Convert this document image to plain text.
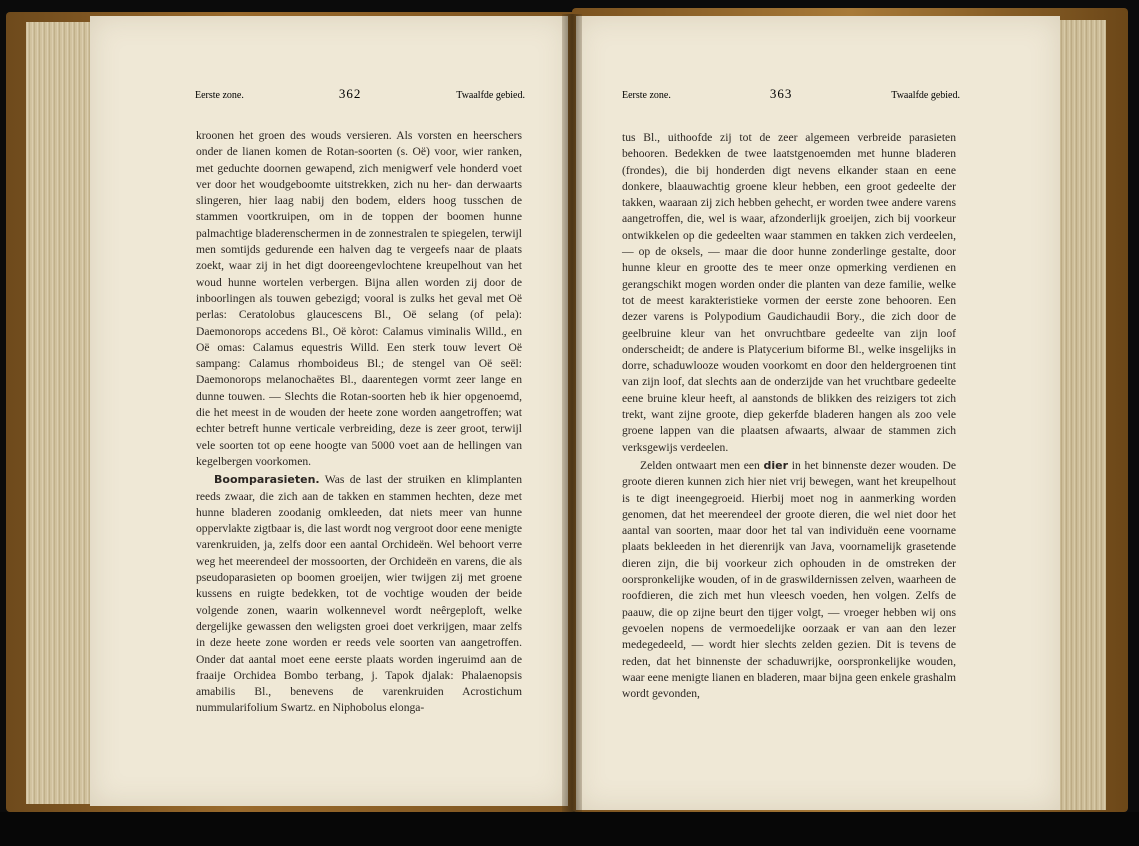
Eerste zone.	362	Twaalfde gebied.

kroonen het groen des wouds versieren. Als vorsten en heerschers onder de lianen komen de Rotan-soorten (s. Oë) voor, wier ranken, met geduchte doornen gewapend, zich menigwerf vele honderd voet ver door het woudgeboomte uitstrekken, zich nu her- dan derwaarts slingeren, hier laag nabij den bodem, elders hoog tusschen de stammen voortkruipen, om in de toppen der boomen hunne palmachtige bladerenschermen in de zonnestralen te spiegelen, terwijl men somtijds gedurende een halven dag te vergeefs naar de plaats zoekt, waar zij in het digt dooreengevlochtene kreupelhout van het woud hunne wortelen verbergen. Bijna allen worden zij door de inboorlingen als touwen gebezigd; vooral is zulks het geval met Oë perlas: Ceratolobus glaucescens Bl., Oë selang (of pela): Daemonorops accedens Bl., Oë kòrot: Calamus viminalis Willd., en Oë omas: Calamus equestris Willd. Een sterk touw levert Oë sampang: Calamus rhomboideus Bl.; de stengel van Oë seël: Daemonorops melanochaëtes Bl., daarentegen vormt zeer lange en dunne touwen. — Slechts die Rotan-soorten heb ik hier opgenoemd, die het meest in de wouden der heete zone worden aangetroffen; wat echter betreft hunne verticale verbreiding, deze is zeer groot, terwijl vele soorten tot op eene hoogte van 5000 voet aan de hellingen van kegelbergen voorkomen.

Boomparasieten. Was de last der struiken en klimplanten reeds zwaar, die zich aan de takken en stammen hechten, deze met hunne bladeren zoodanig omkleeden, dat niets meer van hunne oppervlakte zigtbaar is, die last wordt nog vergroot door eene menigte varenkruiden, ja, zelfs door een aantal Orchideën. Wel behoort verre weg het meerendeel der mossoorten, der Orchideën en varens, die als pseudoparasieten op boomen groeijen, wier twijgen zij met groene kussens en ruigte bedekken, tot de vochtige wouden der beide volgende zonen, waarin wolkennevel wordt neêrgeploft, welke dergelijke gewassen den weligsten groei doet verkrijgen, maar zelfs in deze heete zone worden er reeds vele soorten van aangetroffen. Onder dat aantal moet eene eerste plaats worden ingeruimd aan de fraaije Orchidea Bombo terbang, j. Tapok djalak: Phalaenopsis amabilis Bl., benevens de varenkruiden Acrostichum nummularifolium Swartz. en Niphobolus elonga-

Eerste zone.	363	Twaalfde gebied.

tus Bl., uithoofde zij tot de zeer algemeen verbreide parasieten behooren. Bedekken de twee laatstgenoemden met hunne bladeren (frondes), die bij honderden digt nevens elkander staan en eene donkere, blaauwachtig groene kleur hebben, een groot gedeelte der takken, waaraan zij zich hebben gehecht, er worden twee andere varens aangetroffen, die, wel is waar, afzonderlijk groeijen, zich bij voorkeur ontwikkelen op die gedeelten waar stammen en takken zich verdeelen, — op de oksels, — maar die door hunne zonderlinge gestalte, door hunne kleur en grootte des te meer onze opmerking verdienen en gerangschikt mogen worden onder die planten van deze familie, welke tot de meest karakteristieke vormen der eerste zone behooren. Een dezer varens is Polypodium Gaudichaudii Bory., die zich door de geelbruine kleur van het onvruchtbare gedeelte van zijn loof onderscheidt; de andere is Platycerium biforme Bl., welke insgelijks in dorre, schaduwlooze wouden voorkomt en door den heldergroenen tint van zijn loof, dat slechts aan de onderzijde van het vruchtbare gedeelte eene bruine kleur heeft, al aanstonds de blikken des reizigers tot zich trekt, want zijne groote, diep gekerfde bladeren hangen als zoo vele groene lappen van die plaatsen afwaarts, alwaar de stammen zich verksgewijs verdeelen.

Zelden ontwaart men een dier in het binnenste dezer wouden. De groote dieren kunnen zich hier niet vrij bewegen, want het kreupelhout is te digt ineengegroeid. Hierbij moet nog in aanmerking worden genomen, dat het meerendeel der groote dieren, die wel niet door het aantal van soorten, maar door het tal van individuën eene voorname plaats bekleeden in het dierenrijk van Java, voornamelijk grasetende dieren zijn, die bij voorkeur zich ophouden in de omstreken der oorspronkelijke wouden, of in de graswildernissen zelven, waarheen de roofdieren, die zich met hun vleesch voeden, hen volgen. Zelfs de paauw, die op zijne beurt den tijger volgt, — vroeger hebben wij ons gevoelen nopens de vermoedelijke oorzaak er van aan den lezer medegedeeld, — wordt hier slechts zelden gezien. Dit is tevens de reden, dat het binnenste der schaduwrijke, oorspronkelijke wouden, waar eene menigte lianen en bladeren, maar bijna geen enkele grashalm wordt gevonden,
